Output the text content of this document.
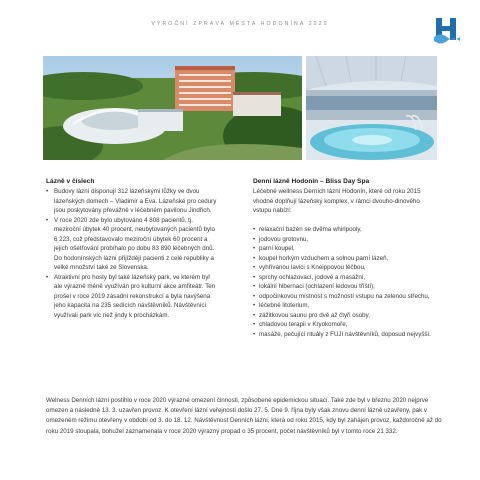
VÝROČNÍ ZPRÁVA MĚSTA HODONÍNA 2020
Lázně v číslech
• Budovy lázní disponují 312 lázeňskými lůžky ve dvou lázeňských domech – Vladimír a Eva. Lázeňské pro cedury jsou poskytovány převážně v léčebném pavilonu Jindřich.
• V roce 2020 zde bylo ubytováno 4 808 pacientů, tj. meziroční úbytek 40 procent, neubytovaných pacientů bylo 6 223, což představovalo meziroční úbytek 60 procent a jejich ošetřování probíhalo po dobu 83 890 léčebných dnů. Do hodonínských lázní přijíždějí pacienti z celé republiky a velké množství také ze Slovenska.
• Atraktivní pro hosty byl také lázeňský park, ve kterém byl ale výrazně méně využíván pro kulturní akce amfiteátr. Ten prošel v roce 2019 zásadní rekonstrukcí a byla navýšena jeho kapacita na 235 sedících návštěvníků. Návštěvníci využívali park víc než jindy k procházkám.
Denní lázně Hodonín – Bliss Day Spa

Léčebné wellness Derních lázní Hodonín, které od roku 2015 vhodně doplňují lázeňský komplex, v rámci dvouho-dinového vstupu nabízí:

• relaxační bazén se dvěma whirlpooly,
• jodovou grotovnu,
• parní koupel,
• koupel horkým vzduchem a solnou parní lázeň,
• vyhřívanou lavici s Kneippovou léčbou,
• sprchy ochlazovací, jodové a masážní,
• lokální hibernaci (ochlazení ledovou tříští),
• odpočinkovou místnost s možností vstupu na zelenou střechu,
• léčebné litoterium,
• zážitkovou saunu pro dvě až čtyři osoby,
• chladovou terapii v Kryokomoře,
• masáže, pečující rituály z FUJI návštěvníků, doposud nejvyšší.

Welness Denních lázní postihlo v roce 2020 výrazné omezení činnosti, způsobené epidemickou situací. Také zde byl v březnu 2020 nejprve omezen a následně 13. 3. uzavřen provoz. K otevření lázní veřejnosti došlo 27. 5. Dne 9. října byly však znovu denní lázně uzavřeny, pak v omezeném režimu otevřeny v období od 3. do 18. 12. Návštěvnost Denních lázní, která od roku 2015, kdy byl zahájen provoz, každoročně až do roku 2019 stoupala, bohužel zaznamenala v roce 2020 výrazný propad o 35 procent, počet návštěvníků byl v tomto roce 21 332.
